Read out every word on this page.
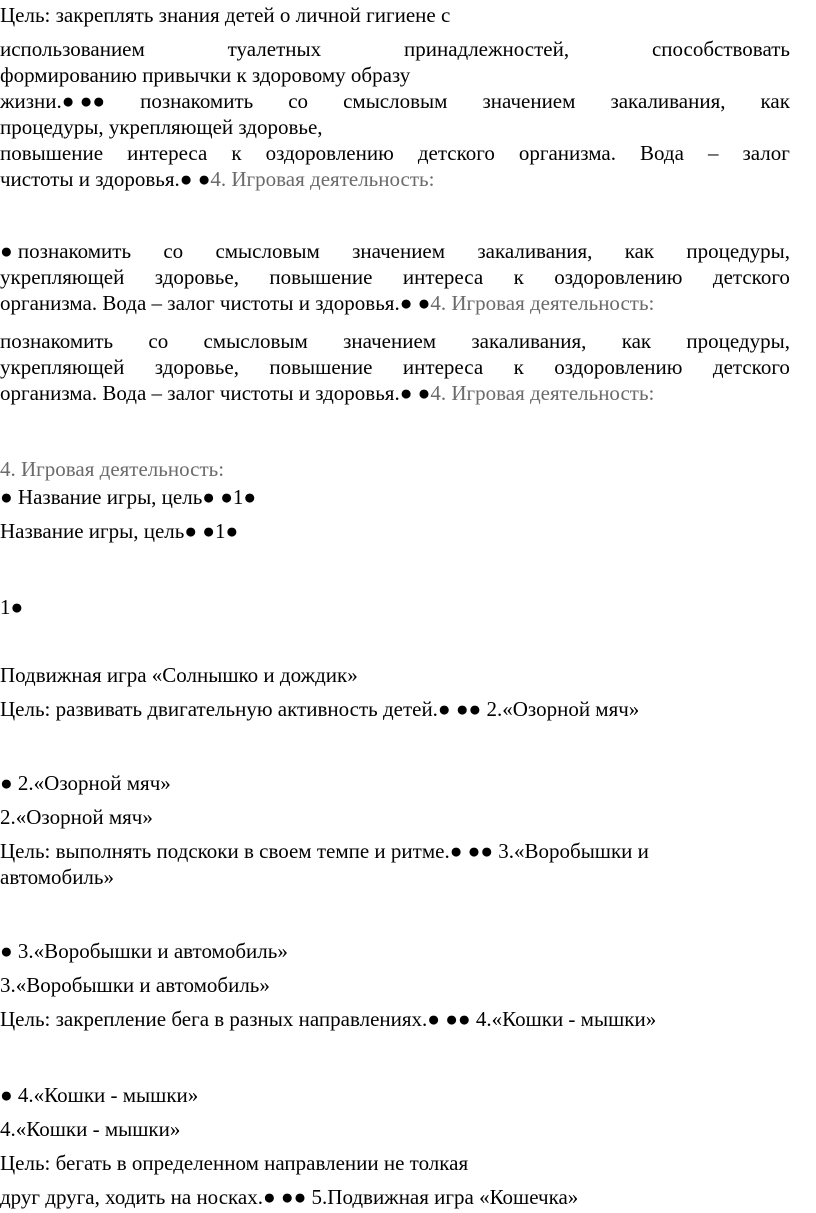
Цель: закреплять знания детей о личной гигиене с
использованием	туалетных	принадлежностей,	способствовать
формированию привычки к здоровому образу
жизни.● ●● познакомить со смысловым значением закаливания, как
процедуры, укрепляющей здоровье,
повышение интереса к оздоровлению детского организма. Вода – залог
чистоты и здоровья.● ●4. Игровая деятельность:
● познакомить со смысловым значением закаливания, как процедуры,
укрепляющей здоровье, повышение интереса к оздоровлению детского
организма. Вода – залог чистоты и здоровья.● ●4. Игровая деятельность:
познакомить со смысловым значением закаливания, как процедуры,
укрепляющей здоровье, повышение интереса к оздоровлению детского
организма. Вода – залог чистоты и здоровья.● ●4. Игровая деятельность:
4. Игровая деятельность:
● Название игры, цель● ●1●
Название игры, цель● ●1●
1●
Подвижная игра «Солнышко и дождик»
Цель: развивать двигательную активность детей.● ●● 2.«Озорной мяч»
● 2.«Озорной мяч»
2.«Озорной мяч»
Цель: выполнять подскоки в своем темпе и ритме.● ●● 3.«Воробышки и
автомобиль»
● 3.«Воробышки и автомобиль»
3.«Воробышки и автомобиль»
Цель: закрепление бега в разных направлениях.● ●● 4.«Кошки - мышки»
● 4.«Кошки - мышки»
4.«Кошки - мышки»
Цель: бегать в определенном направлении не толкая
друг друга, ходить на носках.● ●● 5.Подвижная игра «Кошечка»
